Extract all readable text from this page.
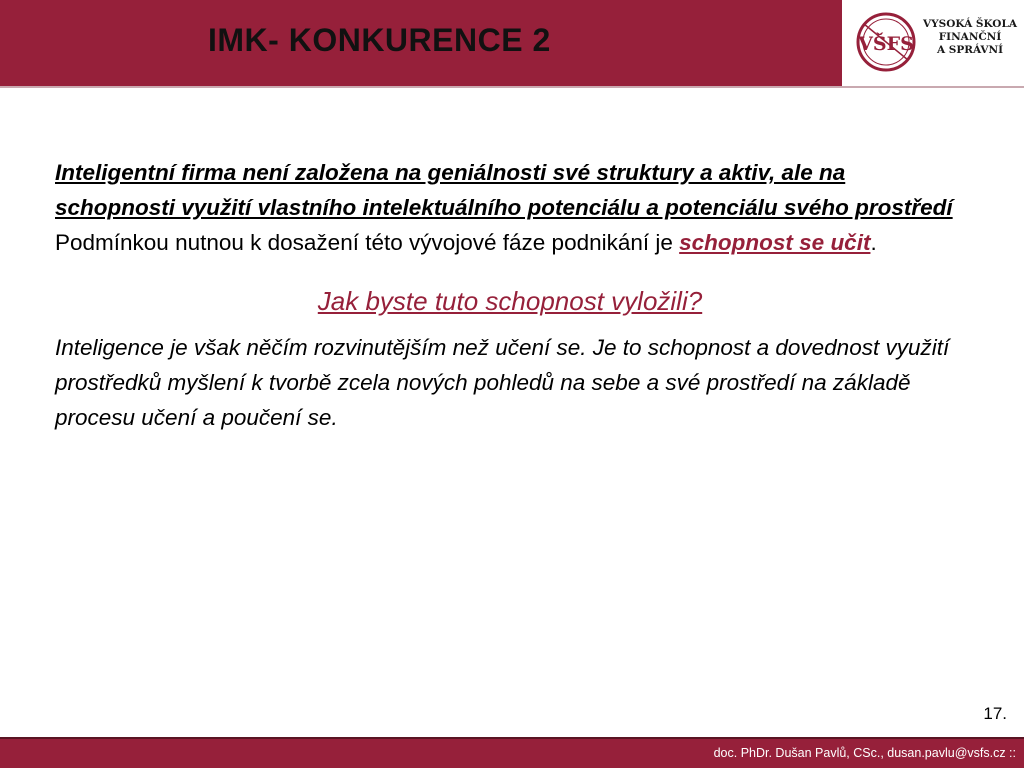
IMK- KONKURENCE 2	VŠFS
VYSOKÁ ŠKOLA
FINANČNÍ
A SPRÁVNÍ

Inteligentní firma není založena na geniálnosti své struktury a aktiv, ale na schopnosti využití vlastního intelektuálního potenciálu a potenciálu svého prostředí Podmínkou nutnou k dosažení této vývojové fáze podnikání je schopnost se učit.

Jak byste tuto schopnost vyložili?

Inteligence je však něčím rozvinutějším než učení se. Je to schopnost a dovednost využití prostředků myšlení k tvorbě zcela nových pohledů na sebe a své prostředí na základě procesu učení a poučení se.

17.
doc. PhDr. Dušan Pavlů, CSc., dusan.pavlu@vsfs.cz ::
